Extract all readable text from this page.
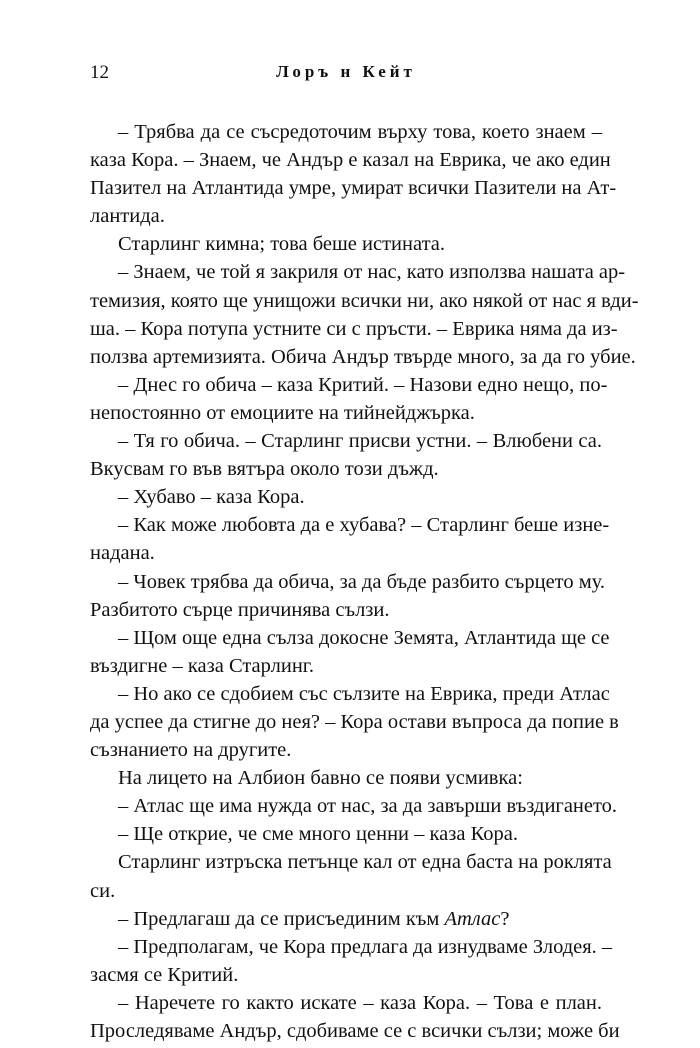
12	Лоръ н Кейт
– Трябва да се съсредоточим върху това, което знаем –
каза Кора. – Знаем, че Андър е казал на Еврика, че ако един
Пазител на Атлантида умре, умират всички Пазители на Ат-
лантида.
Старлинг кимна; това беше истината.
– Знаем, че той я закриля от нас, като използва нашата ар-
темизия, която ще унищожи всички ни, ако някой от нас я вди-
ша. – Кора потупа устните си с пръсти. – Еврика няма да из-
ползва артемизията. Обича Андър твърде много, за да го убие.
– Днес го обича – каза Критий. – Назови едно нещо, по-
непостоянно от емоциите на тийнейджърка.
– Тя го обича. – Старлинг присви устни. – Влюбени са.
Вкусвам го във вятъра около този дъжд.
– Хубаво – каза Кора.
– Как може любовта да е хубава? – Старлинг беше изне-
надана.
– Човек трябва да обича, за да бъде разбито сърцето му.
Разбитото сърце причинява сълзи.
– Щом още една сълза докосне Земята, Атлантида ще се
въздигне – каза Старлинг.
– Но ако се сдобием със сълзите на Еврика, преди Атлас
да успее да стигне до нея? – Кора остави въпроса да попие в
съзнанието на другите.
На лицето на Албион бавно се появи усмивка:
– Атлас ще има нужда от нас, за да завърши въздигането.
– Ще открие, че сме много ценни – каза Кора.
Старлинг изтръска петънце кал от една баста на роклята
си.
– Предлагаш да се присъединим към Атлас?
– Предполагам, че Кора предлага да изнудваме Злодея. –
засмя се Критий.
– Наречете го както искате – каза Кора. – Това е план.
Проследяваме Андър, сдобиваме се с всички сълзи; може би
